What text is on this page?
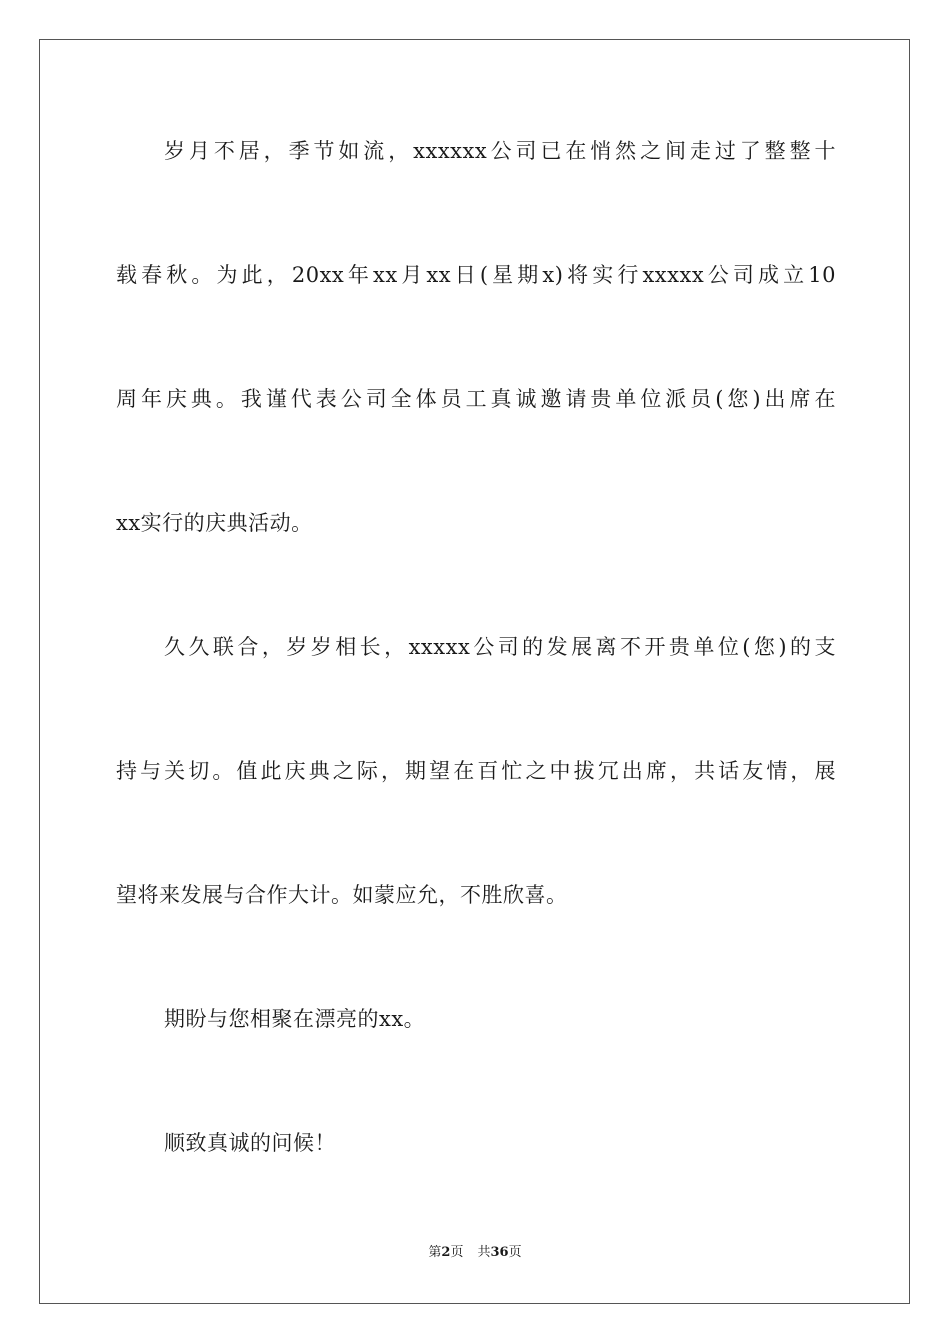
岁月不居，季节如流，xxxxxx公司已在悄然之间走过了整整十
载春秋。为此，20xx年xx月xx日(星期x)将实行xxxxx公司成立10
周年庆典。我谨代表公司全体员工真诚邀请贵单位派员(您)出席在
xx实行的庆典活动。
久久联合，岁岁相长，xxxxx公司的发展离不开贵单位(您)的支
持与关切。值此庆典之际，期望在百忙之中拔冗出席，共话友情，展
望将来发展与合作大计。如蒙应允，不胜欣喜。
期盼与您相聚在漂亮的xx。
顺致真诚的问候！
第2页 共36页
